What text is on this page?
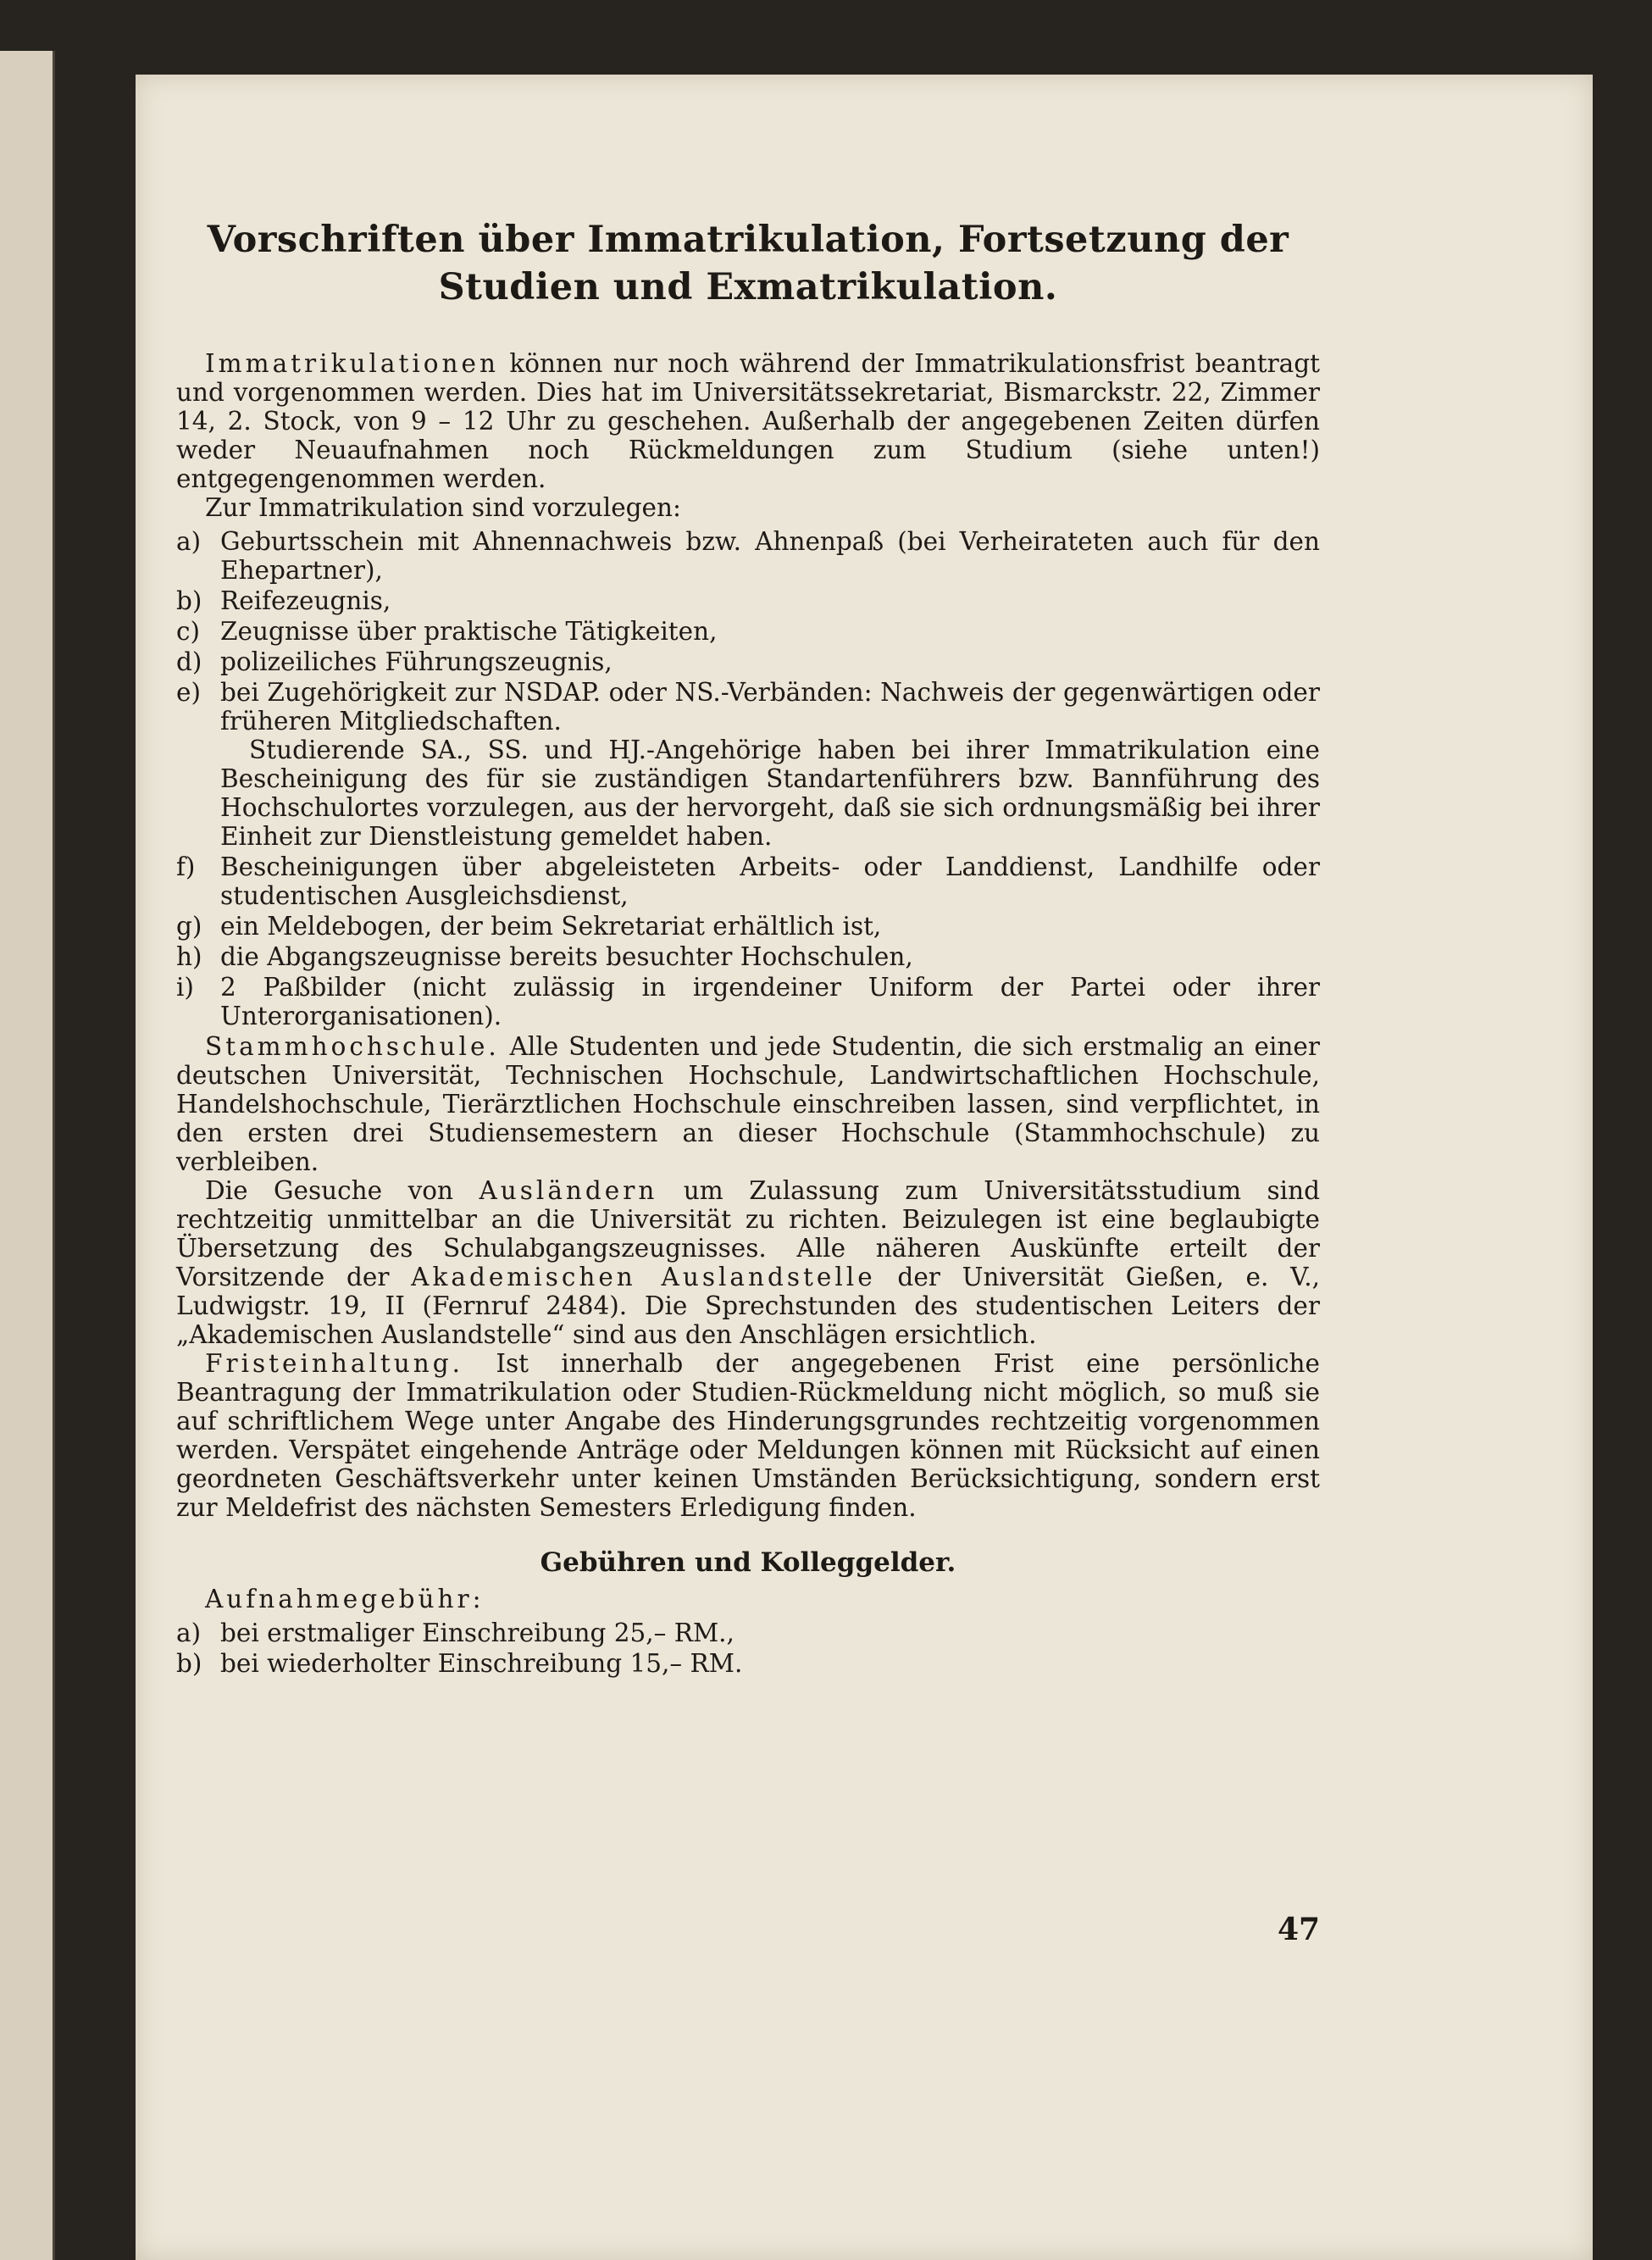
Vorschriften über Immatrikulation, Fortsetzung der
Studien und Exmatrikulation.

Immatrikulationen können nur noch während der Immatrikulationsfrist beantragt und vorgenommen werden. Dies hat im Universitätssekretariat, Bismarckstr. 22, Zimmer 14, 2. Stock, von 9 – 12 Uhr zu geschehen. Außerhalb der angegebenen Zeiten dürfen weder Neuaufnahmen noch Rückmeldungen zum Studium (siehe unten!) entgegengenommen werden.

Zur Immatrikulation sind vorzulegen:

a) Geburtsschein mit Ahnennachweis bzw. Ahnenpaß (bei Verheirateten auch für den Ehepartner),
b) Reifezeugnis,
c) Zeugnisse über praktische Tätigkeiten,
d) polizeiliches Führungszeugnis,
e) bei Zugehörigkeit zur NSDAP. oder NS.-Verbänden: Nachweis der gegenwärtigen oder früheren Mitgliedschaften.
Studierende SA., SS. und HJ.-Angehörige haben bei ihrer Immatrikulation eine Bescheinigung des für sie zuständigen Standartenführers bzw. Bannführung des Hochschulortes vorzulegen, aus der hervorgeht, daß sie sich ordnungsmäßig bei ihrer Einheit zur Dienstleistung gemeldet haben.
f) Bescheinigungen über abgeleisteten Arbeits- oder Landdienst, Landhilfe oder studentischen Ausgleichsdienst,
g) ein Meldebogen, der beim Sekretariat erhältlich ist,
h) die Abgangszeugnisse bereits besuchter Hochschulen,
i) 2 Paßbilder (nicht zulässig in irgendeiner Uniform der Partei oder ihrer Unterorganisationen).

Stammhochschule. Alle Studenten und jede Studentin, die sich erstmalig an einer deutschen Universität, Technischen Hochschule, Landwirtschaftlichen Hochschule, Handelshochschule, Tierärztlichen Hochschule einschreiben lassen, sind verpflichtet, in den ersten drei Studiensemestern an dieser Hochschule (Stammhochschule) zu verbleiben.

Die Gesuche von Ausländern um Zulassung zum Universitätsstudium sind rechtzeitig unmittelbar an die Universität zu richten. Beizulegen ist eine beglaubigte Übersetzung des Schulabgangszeugnisses. Alle näheren Auskünfte erteilt der Vorsitzende der Akademischen Auslandstelle der Universität Gießen, e. V., Ludwigstr. 19, II (Fernruf 2484). Die Sprechstunden des studentischen Leiters der „Akademischen Auslandstelle“ sind aus den Anschlägen ersichtlich.

Fristeinhaltung. Ist innerhalb der angegebenen Frist eine persönliche Beantragung der Immatrikulation oder Studien-Rückmeldung nicht möglich, so muß sie auf schriftlichem Wege unter Angabe des Hinderungsgrundes rechtzeitig vorgenommen werden. Verspätet eingehende Anträge oder Meldungen können mit Rücksicht auf einen geordneten Geschäftsverkehr unter keinen Umständen Berücksichtigung, sondern erst zur Meldefrist des nächsten Semesters Erledigung finden.

Gebühren und Kolleggelder.

Aufnahmegebühr:

a) bei erstmaliger Einschreibung 25,– RM.,
b) bei wiederholter Einschreibung 15,– RM.
47
